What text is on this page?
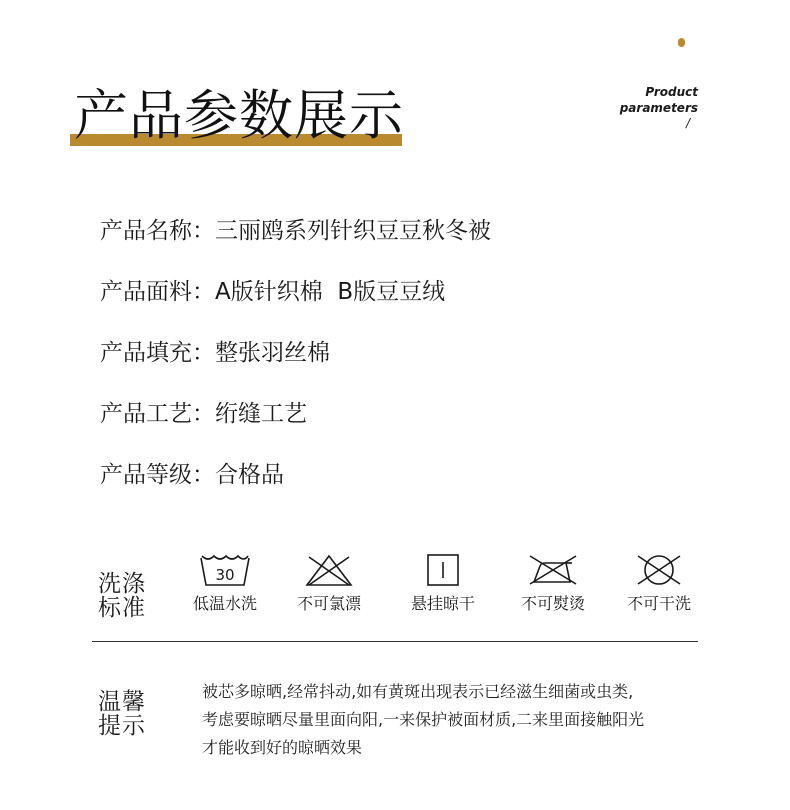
Product
parameters
/
产品参数展示
产品名称：三丽鸥系列针织豆豆秋冬被
产品面料：A版针织棉  B版豆豆绒
产品填充：整张羽丝棉
产品工艺：绗缝工艺
产品等级：合格品
洗涤
标准
30
低温水洗	不可氯漂	悬挂晾干	不可熨烫	不可干洗
温馨
提示
被芯多晾晒,经常抖动,如有黄斑出现表示已经滋生细菌或虫类,
考虑要晾晒尽量里面向阳,一来保护被面材质,二来里面接触阳光
才能收到好的晾晒效果
